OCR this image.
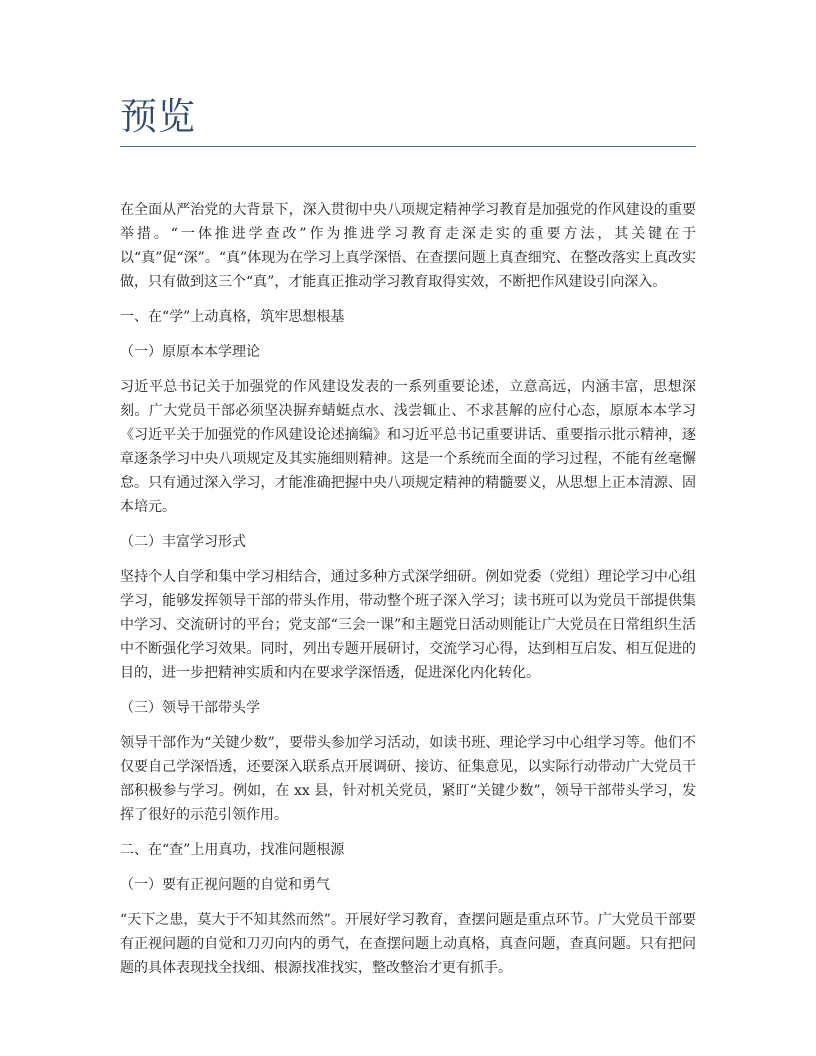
预览

在全面从严治党的大背景下，深入贯彻中央八项规定精神学习教育是加强党的作风建设的重要举措。“一体推进学查改”作为推进学习教育走深走实的重要方法，其关键在于以“真”促“深”。“真”体现为在学习上真学深悟、在查摆问题上真查细究、在整改落实上真改实做，只有做到这三个“真”，才能真正推动学习教育取得实效，不断把作风建设引向深入。

一、在“学”上动真格，筑牢思想根基

（一）原原本本学理论

习近平总书记关于加强党的作风建设发表的一系列重要论述，立意高远，内涵丰富，思想深刻。广大党员干部必须坚决摒弃蜻蜓点水、浅尝辄止、不求甚解的应付心态，原原本本学习《习近平关于加强党的作风建设论述摘编》和习近平总书记重要讲话、重要指示批示精神，逐章逐条学习中央八项规定及其实施细则精神。这是一个系统而全面的学习过程，不能有丝毫懈怠。只有通过深入学习，才能准确把握中央八项规定精神的精髓要义，从思想上正本清源、固本培元。

（二）丰富学习形式

坚持个人自学和集中学习相结合，通过多种方式深学细研。例如党委（党组）理论学习中心组学习，能够发挥领导干部的带头作用，带动整个班子深入学习；读书班可以为党员干部提供集中学习、交流研讨的平台；党支部“三会一课”和主题党日活动则能让广大党员在日常组织生活中不断强化学习效果。同时，列出专题开展研讨，交流学习心得，达到相互启发、相互促进的目的，进一步把精神实质和内在要求学深悟透，促进深化内化转化。

（三）领导干部带头学

领导干部作为“关键少数”，要带头参加学习活动，如读书班、理论学习中心组学习等。他们不仅要自己学深悟透，还要深入联系点开展调研、接访、征集意见，以实际行动带动广大党员干部积极参与学习。例如，在 xx 县，针对机关党员，紧盯“关键少数”，领导干部带头学习，发挥了很好的示范引领作用。

二、在“查”上用真功，找准问题根源

（一）要有正视问题的自觉和勇气

“天下之患，莫大于不知其然而然”。开展好学习教育，查摆问题是重点环节。广大党员干部要有正视问题的自觉和刀刃向内的勇气，在查摆问题上动真格，真查问题，查真问题。只有把问题的具体表现找全找细、根源找准找实，整改整治才更有抓手。
